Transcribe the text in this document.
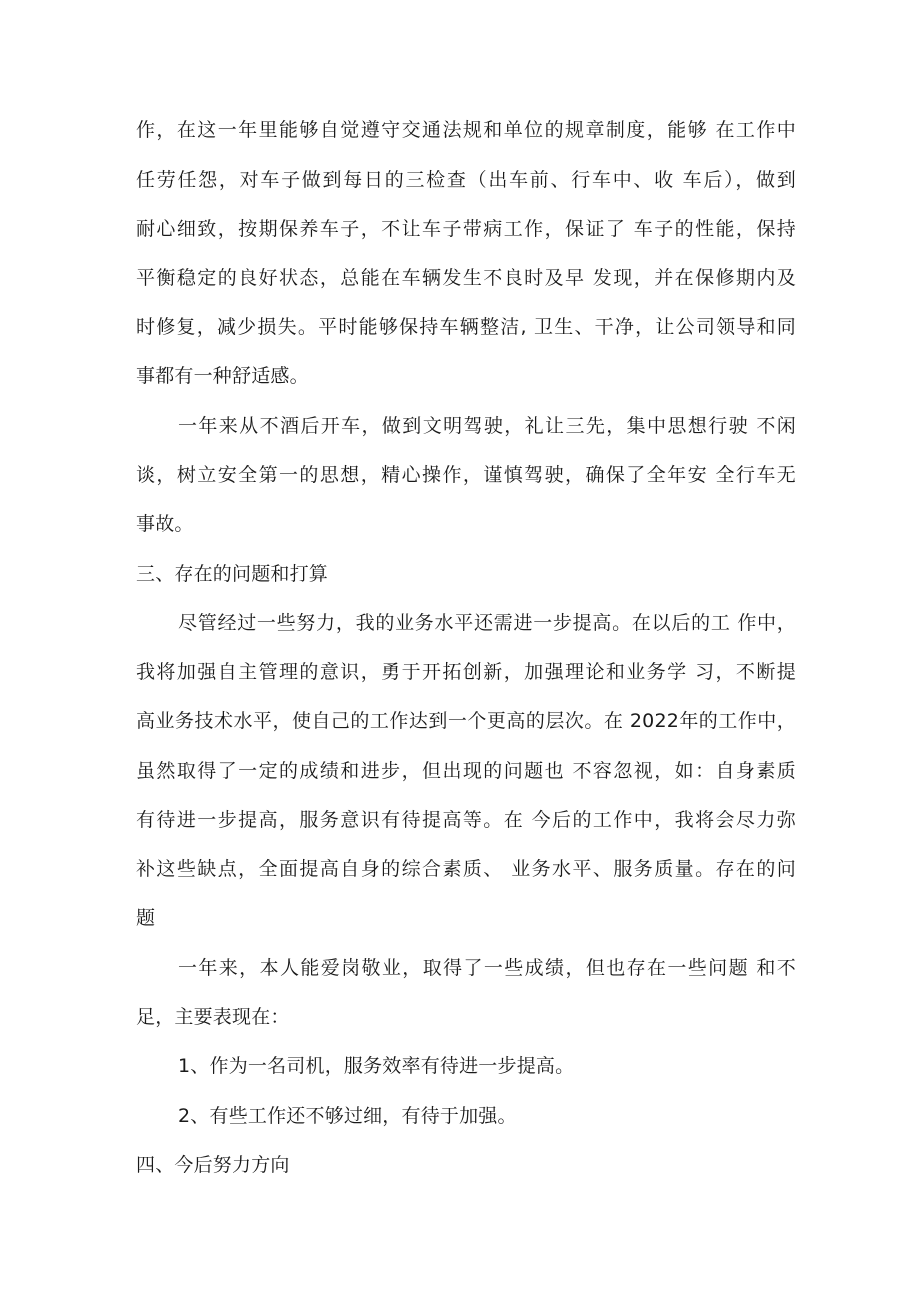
作，在这一年里能够自觉遵守交通法规和单位的规章制度，能够 在工作中
任劳任怨，对车子做到每日的三检查（出车前、行车中、收 车后），做到
耐心细致，按期保养车子，不让车子带病工作，保证了 车子的性能，保持
平衡稳定的良好状态，总能在车辆发生不良时及早 发现，并在保修期内及
时修复，减少损失。平时能够保持车辆整洁, 卫生、干净，让公司领导和同
事都有一种舒适感。
一年来从不酒后开车，做到文明驾驶，礼让三先，集中思想行驶 不闲
谈，树立安全第一的思想，精心操作，谨慎驾驶，确保了全年安 全行车无
事故。
三、存在的问题和打算
尽管经过一些努力，我的业务水平还需进一步提高。在以后的工 作中，
我将加强自主管理的意识，勇于开拓创新，加强理论和业务学 习，不断提
高业务技术水平，使自己的工作达到一个更高的层次。在 2022年的工作中，
虽然取得了一定的成绩和进步，但出现的问题也 不容忽视，如：自身素质
有待进一步提高，服务意识有待提高等。在 今后的工作中，我将会尽力弥
补这些缺点，全面提高自身的综合素质、 业务水平、服务质量。存在的问
题
一年来，本人能爱岗敬业，取得了一些成绩，但也存在一些问题 和不
足，主要表现在：
1、作为一名司机，服务效率有待进一步提高。
2、有些工作还不够过细，有待于加强。
四、今后努力方向
